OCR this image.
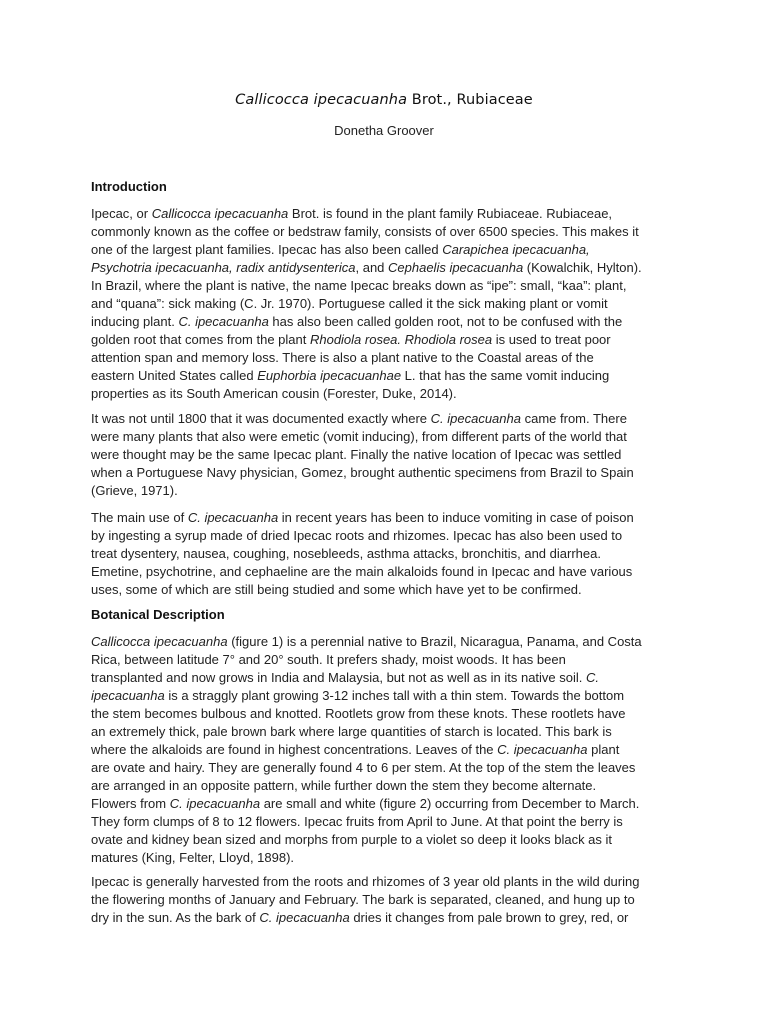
Callicocca ipecacuanha Brot., Rubiaceae
Donetha Groover
Introduction

Ipecac, or Callicocca ipecacuanha Brot. is found in the plant family Rubiaceae. Rubiaceae,
commonly known as the coffee or bedstraw family, consists of over 6500 species. This makes it
one of the largest plant families. Ipecac has also been called Carapichea ipecacuanha,
Psychotria ipecacuanha, radix antidysenterica, and Cephaelis ipecacuanha (Kowalchik, Hylton).
In Brazil, where the plant is native, the name Ipecac breaks down as “ipe”: small, “kaa”: plant,
and “quana”: sick making (C. Jr. 1970). Portuguese called it the sick making plant or vomit
inducing plant. C. ipecacuanha has also been called golden root, not to be confused with the
golden root that comes from the plant Rhodiola rosea. Rhodiola rosea is used to treat poor
attention span and memory loss. There is also a plant native to the Coastal areas of the
eastern United States called Euphorbia ipecacuanhae L. that has the same vomit inducing
properties as its South American cousin (Forester, Duke, 2014).

It was not until 1800 that it was documented exactly where C. ipecacuanha came from. There
were many plants that also were emetic (vomit inducing), from different parts of the world that
were thought may be the same Ipecac plant. Finally the native location of Ipecac was settled
when a Portuguese Navy physician, Gomez, brought authentic specimens from Brazil to Spain
(Grieve, 1971).

The main use of C. ipecacuanha in recent years has been to induce vomiting in case of poison
by ingesting a syrup made of dried Ipecac roots and rhizomes. Ipecac has also been used to
treat dysentery, nausea, coughing, nosebleeds, asthma attacks, bronchitis, and diarrhea.
Emetine, psychotrine, and cephaeline are the main alkaloids found in Ipecac and have various
uses, some of which are still being studied and some which have yet to be confirmed.

Botanical Description

Callicocca ipecacuanha (figure 1) is a perennial native to Brazil, Nicaragua, Panama, and Costa
Rica, between latitude 7° and 20° south. It prefers shady, moist woods. It has been
transplanted and now grows in India and Malaysia, but not as well as in its native soil. C.
ipecacuanha is a straggly plant growing 3-12 inches tall with a thin stem. Towards the bottom
the stem becomes bulbous and knotted. Rootlets grow from these knots. These rootlets have
an extremely thick, pale brown bark where large quantities of starch is located. This bark is
where the alkaloids are found in highest concentrations. Leaves of the C. ipecacuanha plant
are ovate and hairy. They are generally found 4 to 6 per stem. At the top of the stem the leaves
are arranged in an opposite pattern, while further down the stem they become alternate.
Flowers from C. ipecacuanha are small and white (figure 2) occurring from December to March.
They form clumps of 8 to 12 flowers. Ipecac fruits from April to June. At that point the berry is
ovate and kidney bean sized and morphs from purple to a violet so deep it looks black as it
matures (King, Felter, Lloyd, 1898).

Ipecac is generally harvested from the roots and rhizomes of 3 year old plants in the wild during
the flowering months of January and February. The bark is separated, cleaned, and hung up to
dry in the sun. As the bark of C. ipecacuanha dries it changes from pale brown to grey, red, or
